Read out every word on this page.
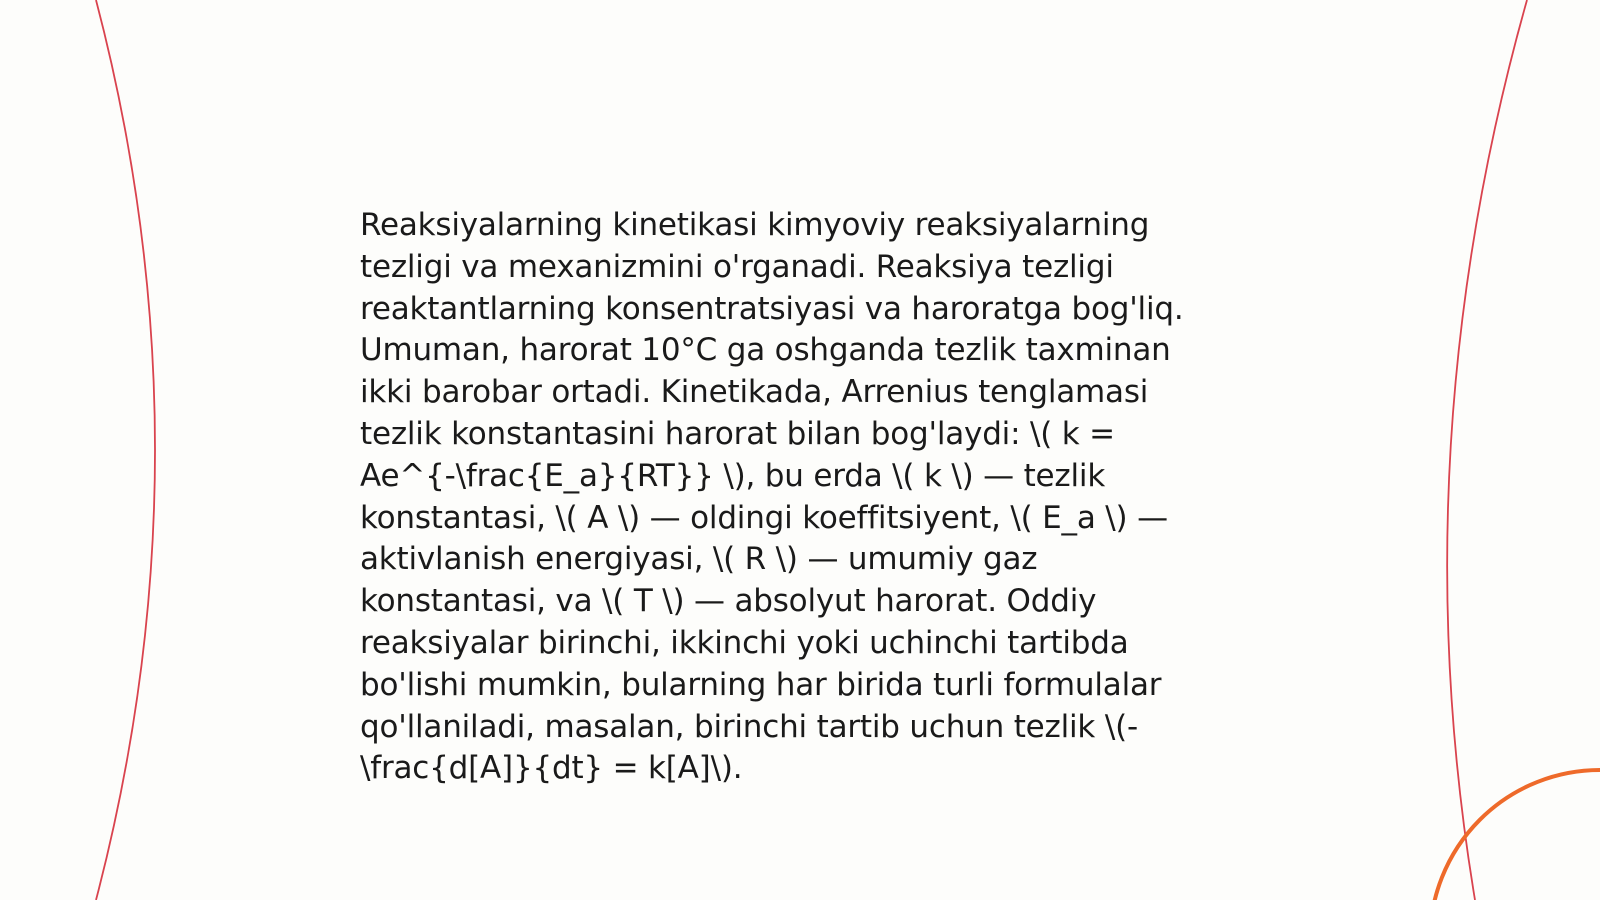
Reaksiyalarning kinetikasi kimyoviy reaksiyalarning
tezligi va mexanizmini o'rganadi. Reaksiya tezligi
reaktantlarning konsentratsiyasi va haroratga bog'liq.
Umuman, harorat 10°C ga oshganda tezlik taxminan
ikki barobar ortadi. Kinetikada, Arrenius tenglamasi
tezlik konstantasini harorat bilan bog'laydi: \( k =
Ae^{-\frac{E_a}{RT}} \), bu erda \( k \) — tezlik
konstantasi, \( A \) — oldingi koeffitsiyent, \( E_a \) —
aktivlanish energiyasi, \( R \) — umumiy gaz
konstantasi, va \( T \) — absolyut harorat. Oddiy
reaksiyalar birinchi, ikkinchi yoki uchinchi tartibda
bo'lishi mumkin, bularning har birida turli formulalar
qo'llaniladi, masalan, birinchi tartib uchun tezlik \(-
\frac{d[A]}{dt} = k[A]\).
